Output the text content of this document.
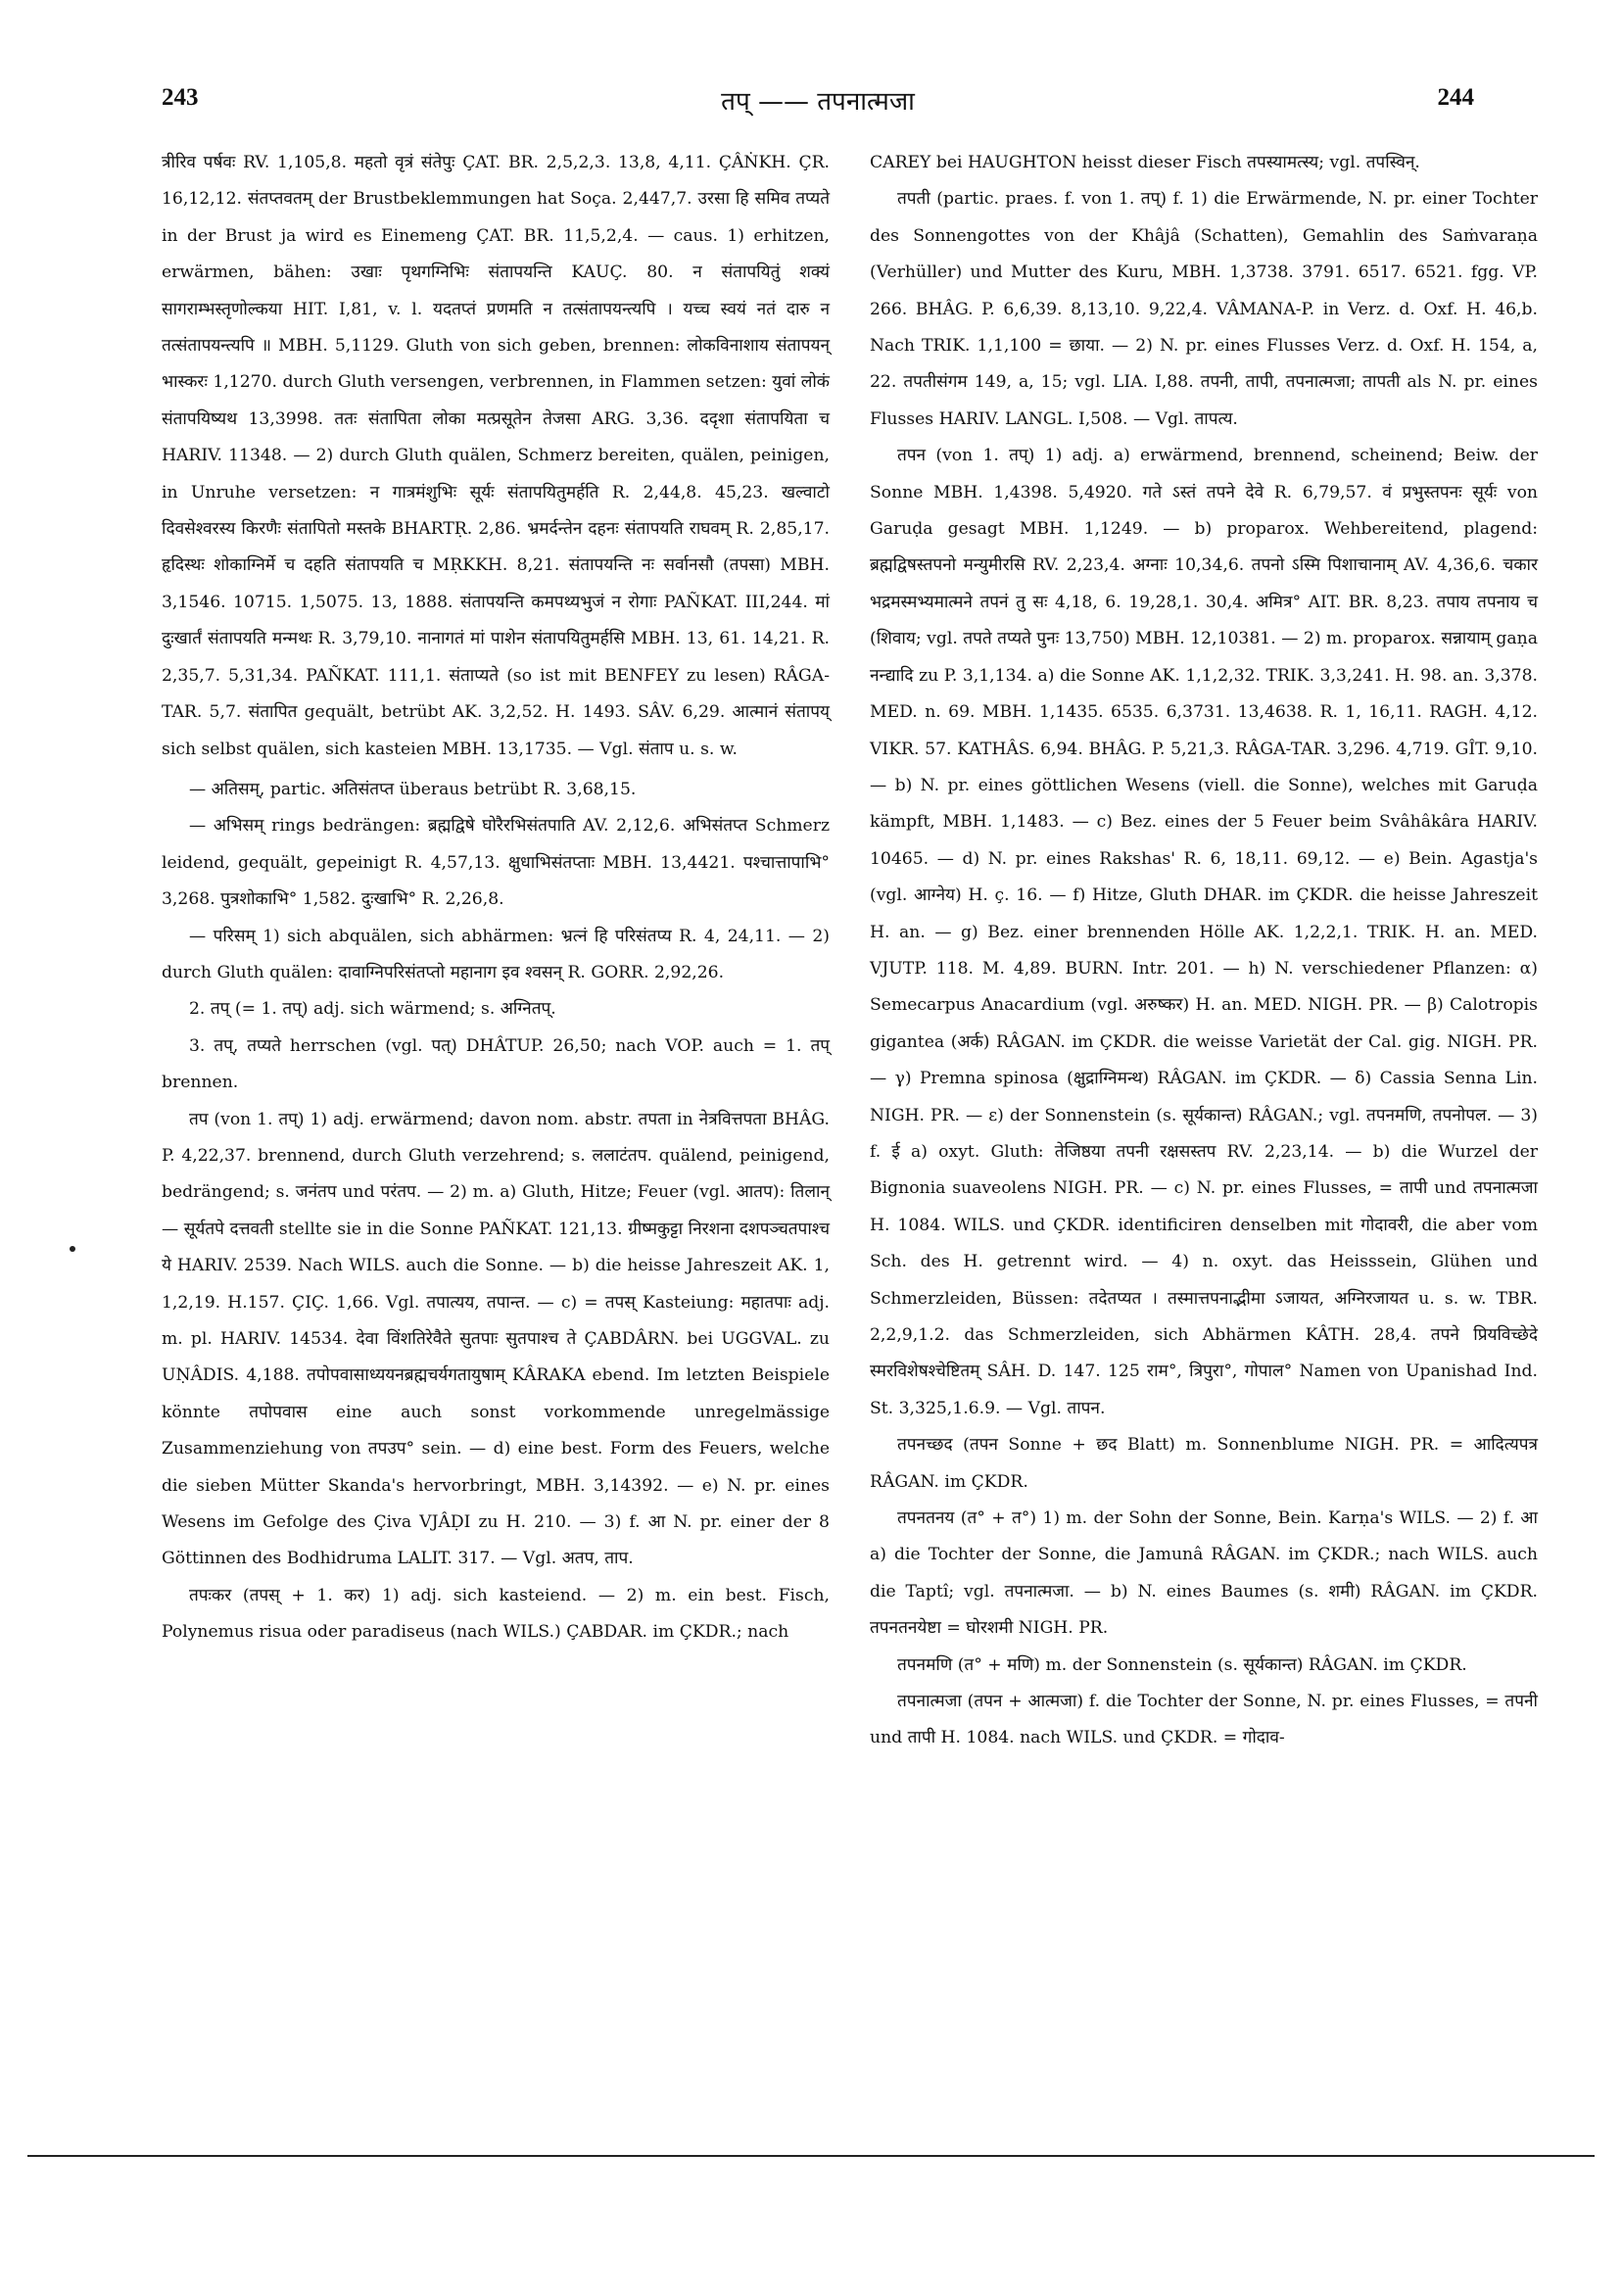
243	तप् —— तपनात्मजा	244

त्रीरिव पर्षवः RV. 1,105,8. महतो वृत्रं संतेपुः ÇAT. BR. 2,5,2,3. 13,8, 4,11. ÇÂṄKH. ÇR. 16,12,12. संतप्तवतम् der Brustbeklemmungen hat Soça. 2,447,7. उरसा हि समिव तप्यते in der Brust ja wird es Einemeng ÇAT. BR. 11,5,2,4. — caus. 1) erhitzen, erwärmen, bähen: उखाः पृथगग्निभिः संतापयन्ति KAUÇ. 80. न संतापयितुं शक्यं सागराम्भस्तृणोल्कया HIT. I,81, v. l. यदतप्तं प्रणमति न तत्संतापयन्त्यपि । यच्च स्वयं नतं दारु न तत्संतापयन्त्यपि ॥ MBH. 5,1129. Gluth von sich geben, brennen: लोकविनाशाय संतापयन् भास्करः 1,1270. durch Gluth versengen, verbrennen, in Flammen setzen: युवां लोकं संतापयिष्यथ 13,3998. ततः संतापिता लोका मत्प्रसूतेन तेजसा ARG. 3,36. ददृशा संतापयिता च HARIV. 11348. — 2) durch Gluth quälen, Schmerz bereiten, quälen, peinigen, in Unruhe versetzen: न गात्रमंशुभिः सूर्यः संतापयितुमर्हति R. 2,44,8. 45,23. खल्वाटो दिवसेश्वरस्य किरणैः संतापितो मस्तके BHARTṚ. 2,86. भ्रमर्दन्तेन दहनः संतापयति राघवम् R. 2,85,17. हृदिस्थः शोकाग्निर्मे च दहति संतापयति च MṚKKH. 8,21. संतापयन्ति नः सर्वानसौ (तपसा) MBH. 3,1546. 10715. 1,5075. 13, 1888. संतापयन्ति कमपथ्यभुजं न रोगाः PAÑKAT. III,244. मां दुःखार्तं संतापयति मन्मथः R. 3,79,10. नानागतं मां पाशेन संतापयितुमर्हसि MBH. 13, 61. 14,21. R. 2,35,7. 5,31,34. PAÑKAT. 111,1. संताप्यते (so ist mit BENFEY zu lesen) RÂGA-TAR. 5,7. संतापित gequält, betrübt AK. 3,2,52. H. 1493. SÂV. 6,29. आत्मानं संतापय् sich selbst quälen, sich kasteien MBH. 13,1735. — Vgl. संताप u. s. w.

— अतिसम्, partic. अतिसंतप्त überaus betrübt R. 3,68,15.

— अभिसम् rings bedrängen: ब्रह्मद्विषे घोरैरभिसंतपाति AV. 2,12,6. अभिसंतप्त Schmerz leidend, gequält, gepeinigt R. 4,57,13. क्षुधाभिसंतप्ताः MBH. 13,4421. पश्चात्तापाभि° 3,268. पुत्रशोकाभि° 1,582. दुःखाभि° R. 2,26,8.

— परिसम् 1) sich abquälen, sich abhärmen: भ्रत्नं हि परिसंतप्य R. 4, 24,11. — 2) durch Gluth quälen: दावाग्निपरिसंतप्तो महानाग इव श्वसन् R. GORR. 2,92,26.

2. तप् (= 1. तप्) adj. sich wärmend; s. अग्नितप्.

3. तप्, तप्यते herrschen (vgl. पत्) DHÂTUP. 26,50; nach VOP. auch = 1. तप् brennen.

तप (von 1. तप्) 1) adj. erwärmend; davon nom. abstr. तपता in नेत्रवित्तपता BHÂG. P. 4,22,37. brennend, durch Gluth verzehrend; s. ललाटंतप. quälend, peinigend, bedrängend; s. जनंतप und परंतप. — 2) m. a) Gluth, Hitze; Feuer (vgl. आतप): तिलान् — सूर्यतपे दत्तवती stellte sie in die Sonne PAÑKAT. 121,13. ग्रीष्मकुट्टा निरशना दशपञ्चतपाश्च ये HARIV. 2539. Nach WILS. auch die Sonne. — b) die heisse Jahreszeit AK. 1, 1,2,19. H.157. ÇIÇ. 1,66. Vgl. तपात्यय, तपान्त. — c) = तपस् Kasteiung: महातपाः adj. m. pl. HARIV. 14534. देवा विंशतिरेवैते सुतपाः सुतपाश्च ते ÇABDÂRN. bei UGGVAL. zu UṆÂDIS. 4,188. तपोपवासाध्ययनब्रह्मचर्यगतायुषाम् KÂRAKA ebend. Im letzten Beispiele könnte तपोपवास eine auch sonst vorkommende unregelmässige Zusammenziehung von तपउप° sein. — d) eine best. Form des Feuers, welche die sieben Mütter Skanda's hervorbringt, MBH. 3,14392. — e) N. pr. eines Wesens im Gefolge des Çiva VJÂḌI zu H. 210. — 3) f. आ N. pr. einer der 8 Göttinnen des Bodhidruma LALIT. 317. — Vgl. अतप, ताप.

तपःकर (तपस् + 1. कर) 1) adj. sich kasteiend. — 2) m. ein best. Fisch, Polynemus risua oder paradiseus (nach WILS.) ÇABDAR. im ÇKDR.; nach

CAREY bei HAUGHTON heisst dieser Fisch तपस्यामत्स्य; vgl. तपस्विन्.

तपती (partic. praes. f. von 1. तप्) f. 1) die Erwärmende, N. pr. einer Tochter des Sonnengottes von der Khâjâ (Schatten), Gemahlin des Saṁvaraṇa (Verhüller) und Mutter des Kuru, MBH. 1,3738. 3791. 6517. 6521. fgg. VP. 266. BHÂG. P. 6,6,39. 8,13,10. 9,22,4. VÂMANA-P. in Verz. d. Oxf. H. 46,b. Nach TRIK. 1,1,100 = छाया. — 2) N. pr. eines Flusses Verz. d. Oxf. H. 154, a, 22. तपतीसंगम 149, a, 15; vgl. LIA. I,88. तपनी, तापी, तपनात्मजा; तापती als N. pr. eines Flusses HARIV. LANGL. I,508. — Vgl. तापत्य.

तपन (von 1. तप्) 1) adj. a) erwärmend, brennend, scheinend; Beiw. der Sonne MBH. 1,4398. 5,4920. गते ऽस्तं तपने देवे R. 6,79,57. वं प्रभुस्तपनः सूर्यः von Garuḍa gesagt MBH. 1,1249. — b) proparox. Wehbereitend, plagend: ब्रह्मद्विषस्तपनो मन्युमीरसि RV. 2,23,4. अग्नाः 10,34,6. तपनो ऽस्मि पिशाचानाम् AV. 4,36,6. चकार भद्रमस्मभ्यमात्मने तपनं तु सः 4,18, 6. 19,28,1. 30,4. अमित्र° AIT. BR. 8,23. तपाय तपनाय च (शिवाय; vgl. तपते तप्यते पुनः 13,750) MBH. 12,10381. — 2) m. proparox. सन्नायाम् gaṇa नन्द्यादि zu P. 3,1,134. a) die Sonne AK. 1,1,2,32. TRIK. 3,3,241. H. 98. an. 3,378. MED. n. 69. MBH. 1,1435. 6535. 6,3731. 13,4638. R. 1, 16,11. RAGH. 4,12. VIKR. 57. KATHÂS. 6,94. BHÂG. P. 5,21,3. RÂGA-TAR. 3,296. 4,719. GÎT. 9,10. — b) N. pr. eines göttlichen Wesens (viell. die Sonne), welches mit Garuḍa kämpft, MBH. 1,1483. — c) Bez. eines der 5 Feuer beim Svâhâkâra HARIV. 10465. — d) N. pr. eines Rakshas' R. 6, 18,11. 69,12. — e) Bein. Agastja's (vgl. आग्नेय) H. ç. 16. — f) Hitze, Gluth DHAR. im ÇKDR. die heisse Jahreszeit H. an. — g) Bez. einer brennenden Hölle AK. 1,2,2,1. TRIK. H. an. MED. VJUTP. 118. M. 4,89. BURN. Intr. 201. — h) N. verschiedener Pflanzen: α) Semecarpus Anacardium (vgl. अरुष्कर) H. an. MED. NIGH. PR. — β) Calotropis gigantea (अर्क) RÂGAN. im ÇKDR. die weisse Varietät der Cal. gig. NIGH. PR. — γ) Premna spinosa (क्षुद्राग्निमन्थ) RÂGAN. im ÇKDR. — δ) Cassia Senna Lin. NIGH. PR. — ε) der Sonnenstein (s. सूर्यकान्त) RÂGAN.; vgl. तपनमणि, तपनोपल. — 3) f. ई a) oxyt. Gluth: तेजिष्ठया तपनी रक्षसस्तप RV. 2,23,14. — b) die Wurzel der Bignonia suaveolens NIGH. PR. — c) N. pr. eines Flusses, = तापी und तपनात्मजा H. 1084. WILS. und ÇKDR. identificiren denselben mit गोदावरी, die aber vom Sch. des H. getrennt wird. — 4) n. oxyt. das Heisssein, Glühen und Schmerzleiden, Büssen: तदेतप्यत । तस्मात्तपनाद्भीमा ऽजायत, अग्निरजायत u. s. w. TBR. 2,2,9,1.2. das Schmerzleiden, sich Abhärmen KÂTH. 28,4. तपने प्रियविच्छेदे स्मरविशेषश्चेष्टितम् SÂH. D. 147. 125 राम°, त्रिपुरा°, गोपाल° Namen von Upanishad Ind. St. 3,325,1.6.9. — Vgl. तापन.

तपनच्छद (तपन Sonne + छद Blatt) m. Sonnenblume NIGH. PR. = आदित्यपत्र RÂGAN. im ÇKDR.

तपनतनय (त° + त°) 1) m. der Sohn der Sonne, Bein. Karṇa's WILS. — 2) f. आ a) die Tochter der Sonne, die Jamunâ RÂGAN. im ÇKDR.; nach WILS. auch die Taptî; vgl. तपनात्मजा. — b) N. eines Baumes (s. शमी) RÂGAN. im ÇKDR. तपनतनयेष्टा = घोरशमी NIGH. PR.

तपनमणि (त° + मणि) m. der Sonnenstein (s. सूर्यकान्त) RÂGAN. im ÇKDR.

तपनात्मजा (तपन + आत्मजा) f. die Tochter der Sonne, N. pr. eines Flusses, = तपनी und तापी H. 1084. nach WILS. und ÇKDR. = गोदाव-
